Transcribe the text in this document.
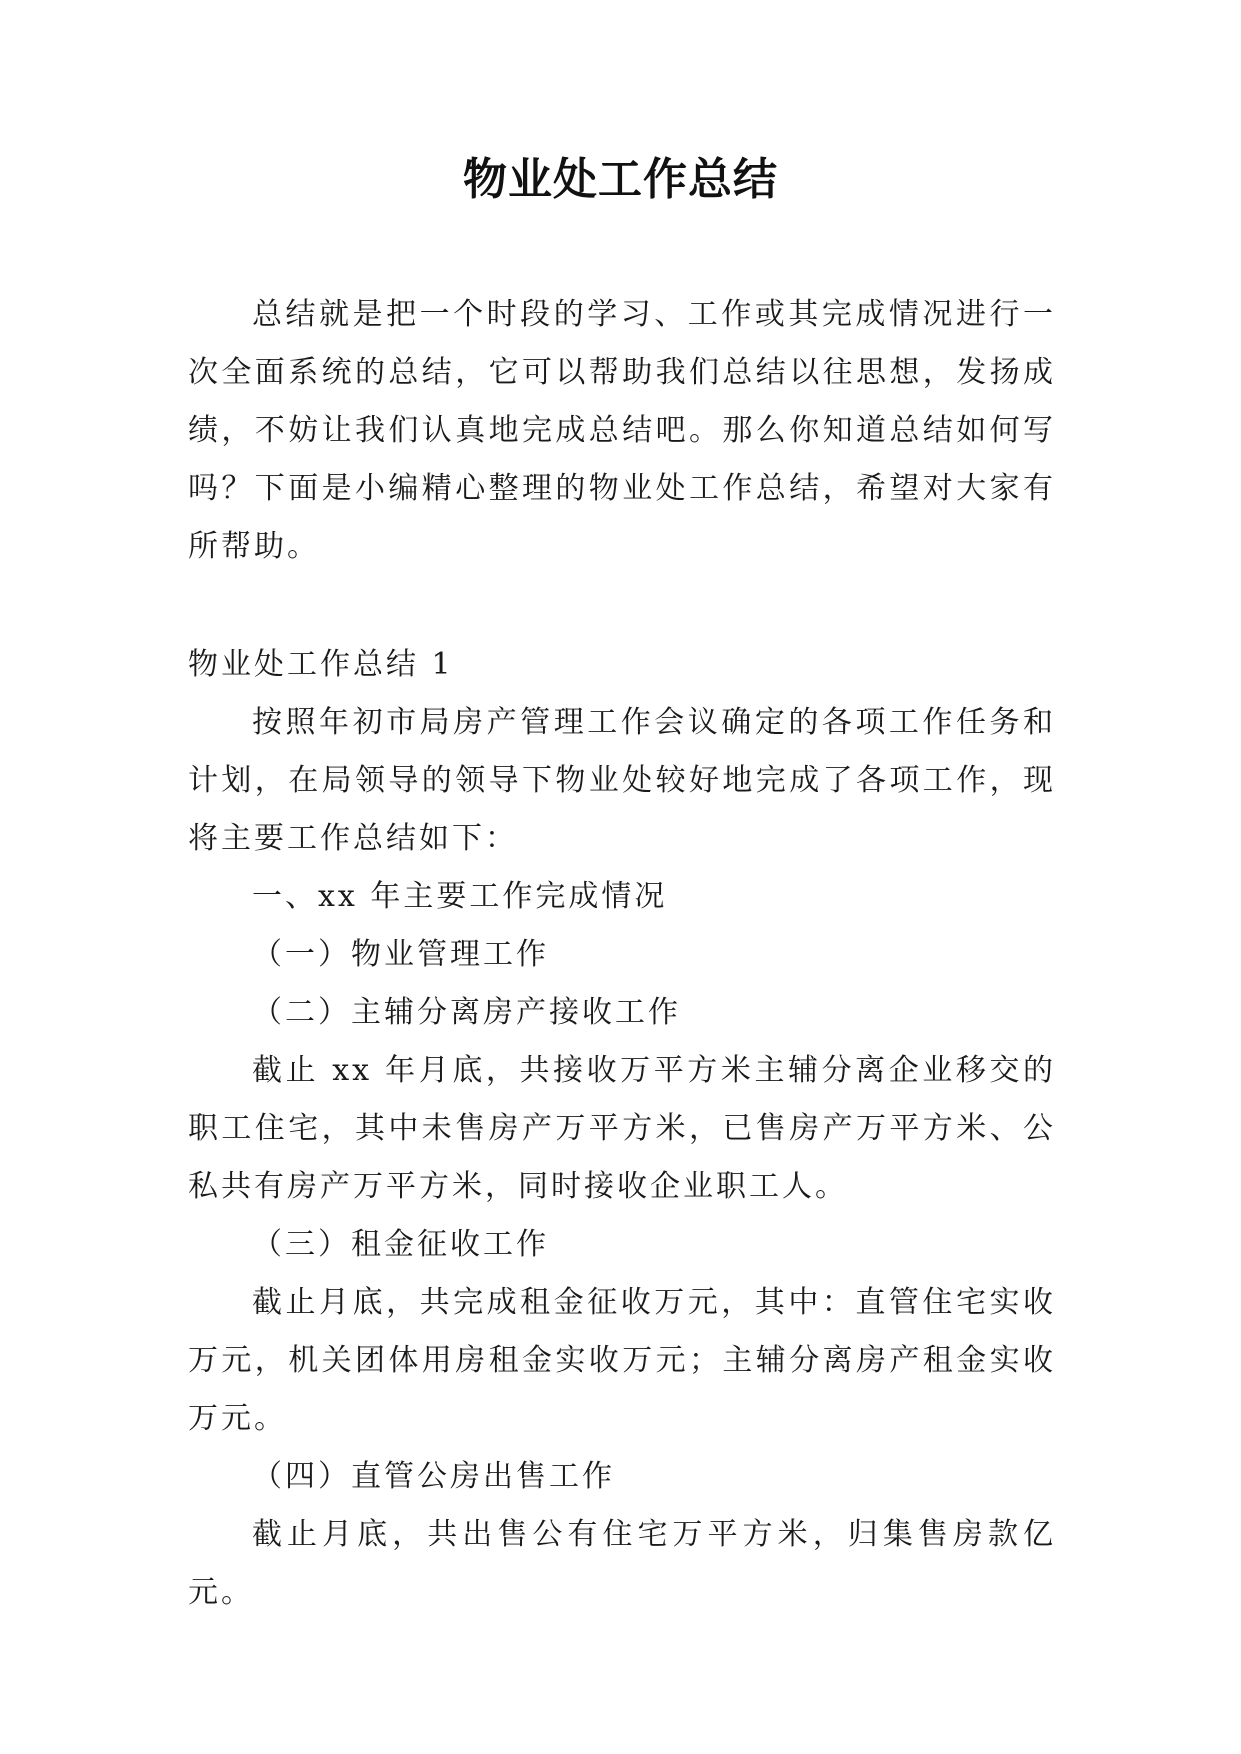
物业处工作总结

总结就是把一个时段的学习、工作或其完成情况进行一次全面系统的总结，它可以帮助我们总结以往思想，发扬成绩，不妨让我们认真地完成总结吧。那么你知道总结如何写吗？下面是小编精心整理的物业处工作总结，希望对大家有所帮助。

物业处工作总结 1

按照年初市局房产管理工作会议确定的各项工作任务和计划，在局领导的领导下物业处较好地完成了各项工作，现将主要工作总结如下：

一、xx 年主要工作完成情况

（一）物业管理工作

（二）主辅分离房产接收工作

截止 xx 年月底，共接收万平方米主辅分离企业移交的职工住宅，其中未售房产万平方米，已售房产万平方米、公私共有房产万平方米，同时接收企业职工人。

（三）租金征收工作

截止月底，共完成租金征收万元，其中：直管住宅实收万元，机关团体用房租金实收万元；主辅分离房产租金实收万元。

（四）直管公房出售工作

截止月底，共出售公有住宅万平方米，归集售房款亿元。
